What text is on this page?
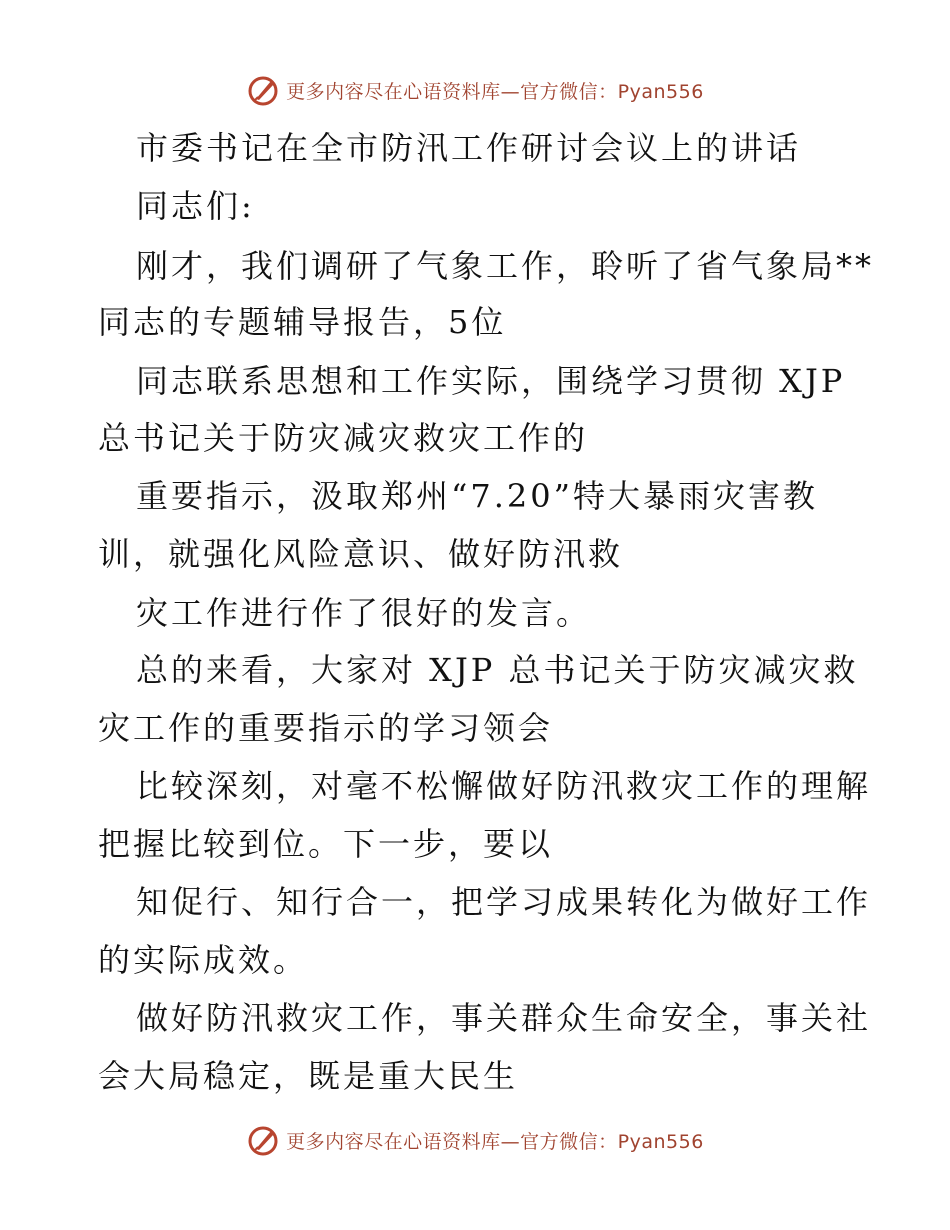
更多内容尽在心语资料库—官方微信：Pyan556
市委书记在全市防汛工作研讨会议上的讲话
同志们:
刚才，我们调研了气象工作，聆听了省气象局**
同志的专题辅导报告，5位
同志联系思想和工作实际，围绕学习贯彻 XJP
总书记关于防灾减灾救灾工作的
重要指示，汲取郑州“7.20”特大暴雨灾害教
训，就强化风险意识、做好防汛救
灾工作进行作了很好的发言。
总的来看，大家对 XJP 总书记关于防灾减灾救
灾工作的重要指示的学习领会
比较深刻，对毫不松懈做好防汛救灾工作的理解
把握比较到位。下一步，要以
知促行、知行合一，把学习成果转化为做好工作
的实际成效。
做好防汛救灾工作，事关群众生命安全，事关社
会大局稳定，既是重大民生
更多内容尽在心语资料库—官方微信：Pyan556
